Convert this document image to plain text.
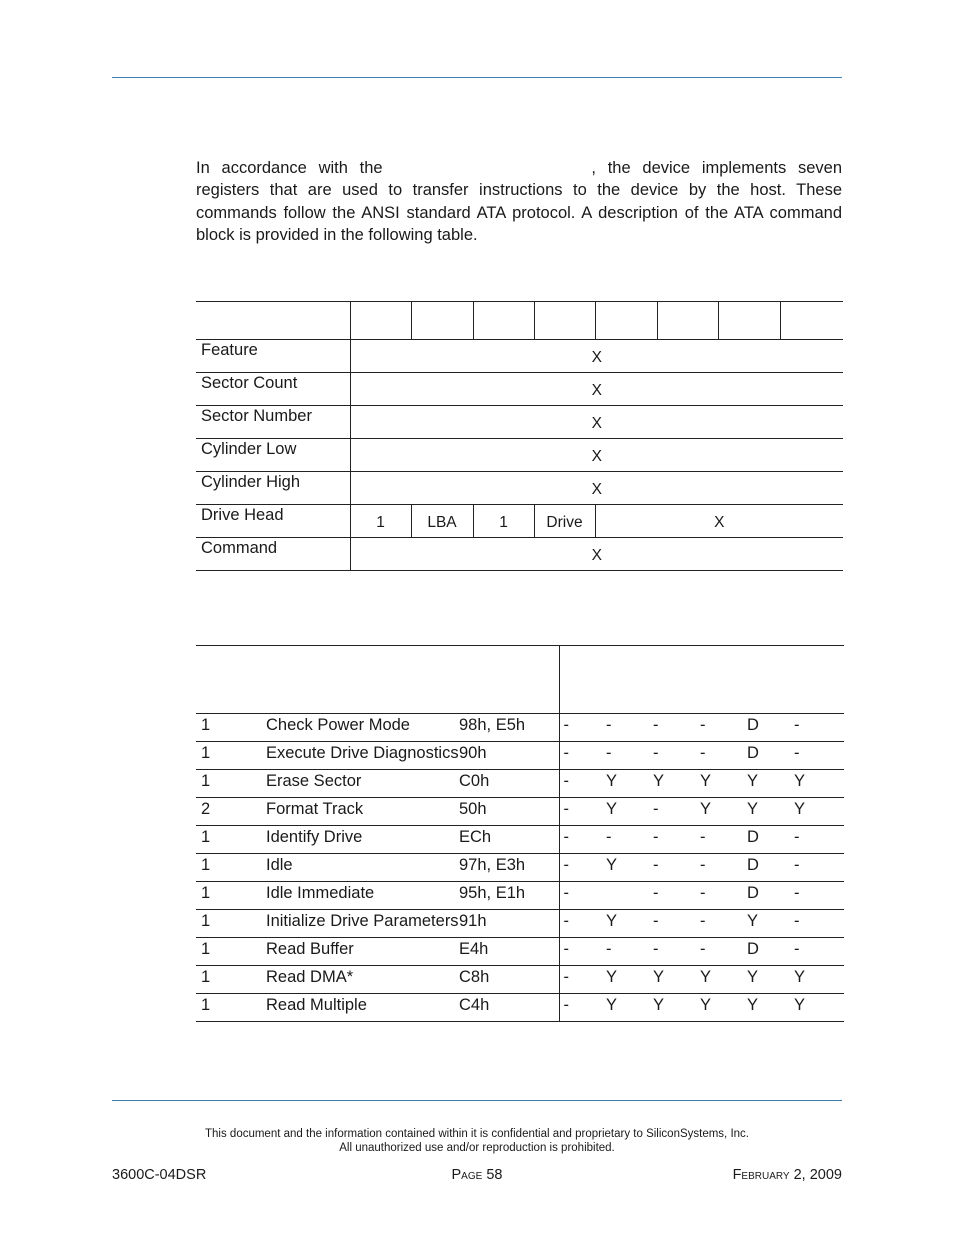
In accordance with the	, the device implements seven registers that are used to transfer instructions to the device by the host. These commands follow the ANSI standard ATA protocol. A description of the ATA command block is provided in the following table.

Feature	X							
Sector Count	X							
Sector Number	X							
Cylinder Low	X							
Cylinder High	X							
Drive Head	1	LBA	1	Drive	X			
Command	X							

1	Check Power Mode	98h, E5h	-	-	-	-	D	-
1	Execute Drive Diagnostics	90h	-	-	-	-	D	-
1	Erase Sector	C0h	-	Y	Y	Y	Y	Y
2	Format Track	50h	-	Y	-	Y	Y	Y
1	Identify Drive	ECh	-	-	-	-	D	-
1	Idle	97h, E3h	-	Y	-	-	D	-
1	Idle Immediate	95h, E1h	-		-	-	D	-
1	Initialize Drive Parameters	91h	-	Y	-	-	Y	-
1	Read Buffer	E4h	-	-	-	-	D	-
1	Read DMA*	C8h	-	Y	Y	Y	Y	Y
1	Read Multiple	C4h	-	Y	Y	Y	Y	Y
This document and the information contained within it is confidential and proprietary to SiliconSystems, Inc.
All unauthorized use and/or reproduction is prohibited.
3600C-04DSR	Page 58	February 2, 2009
